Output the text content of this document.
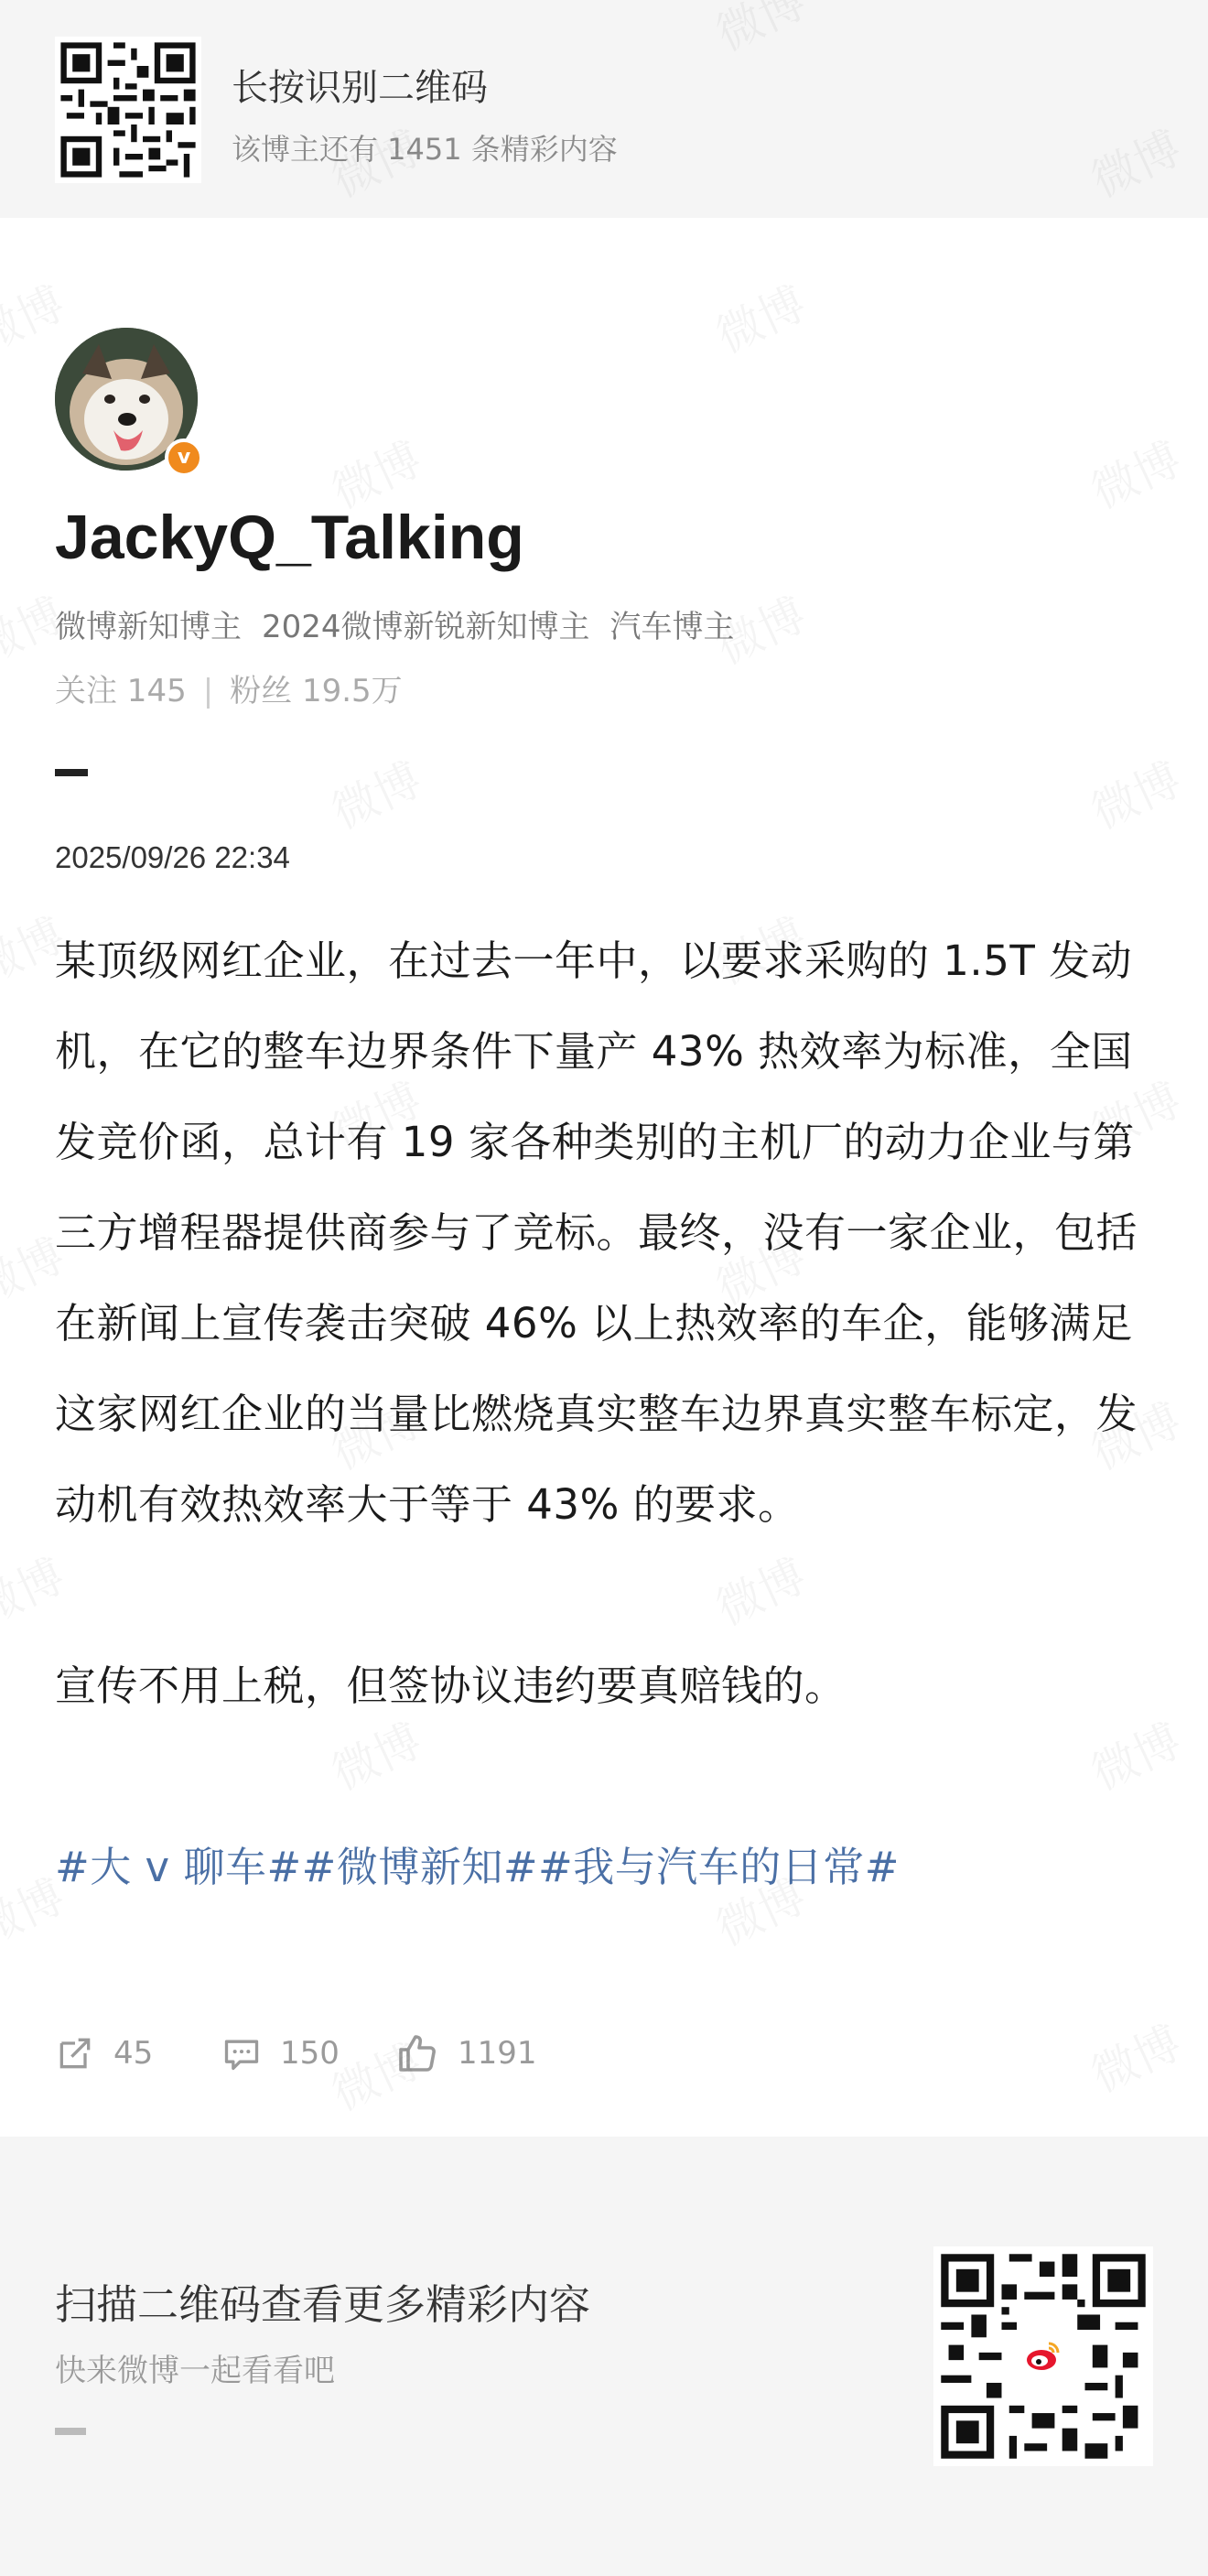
长按识别二维码
该博主还有 1451 条精彩内容
v
JackyQ_Talking
微博新知博主 2024微博新锐新知博主 汽车博主
关注 145 | 粉丝 19.5万
2025/09/26 22:34

某顶级网红企业，在过去一年中，以要求采购的 1.5T 发动机，在它的整车边界条件下量产 43% 热效率为标准，全国发竞价函，总计有 19 家各种类别的主机厂的动力企业与第三方增程器提供商参与了竞标。最终，没有一家企业，包括在新闻上宣传袭击突破 46% 以上热效率的车企，能够满足这家网红企业的当量比燃烧真实整车边界真实整车标定，发动机有效热效率大于等于 43% 的要求。

宣传不用上税，但签协议违约要真赔钱的。

#大 v 聊车##微博新知##我与汽车的日常#

45	150	1191
扫描二维码查看更多精彩内容
快来微博一起看看吧
